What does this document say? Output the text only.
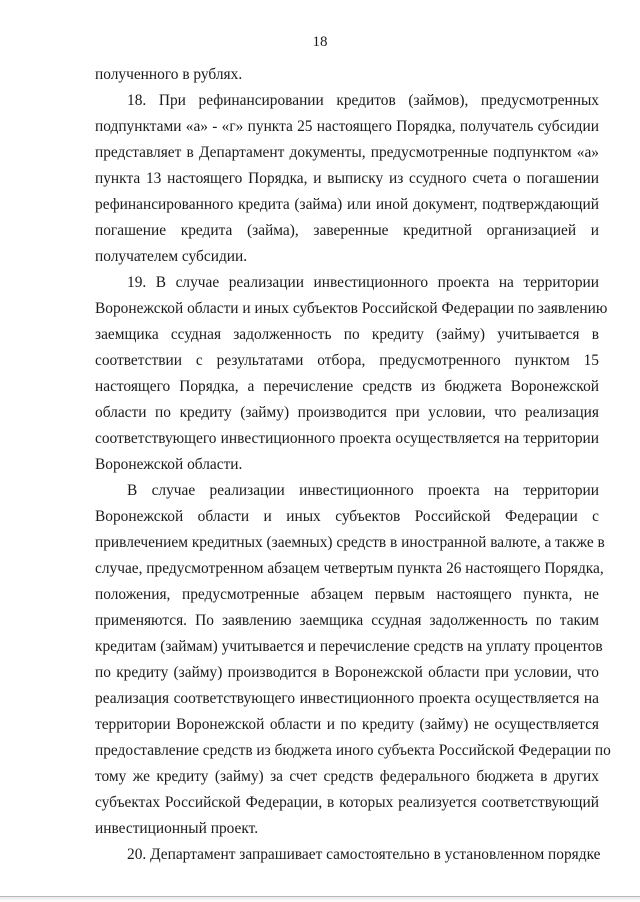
18
полученного в рублях.
18. При рефинансировании кредитов (займов), предусмотренных
подпунктами «а» - «г» пункта 25 настоящего Порядка, получатель субсидии
представляет в Департамент документы, предусмотренные подпунктом «а»
пункта 13 настоящего Порядка, и выписку из ссудного счета о погашении
рефинансированного кредита (займа) или иной документ, подтверждающий
погашение кредита (займа), заверенные кредитной организацией и
получателем субсидии.
19. В случае реализации инвестиционного проекта на территории
Воронежской области и иных субъектов Российской Федерации по заявлению
заемщика ссудная задолженность по кредиту (займу) учитывается в
соответствии с результатами отбора, предусмотренного пунктом 15
настоящего Порядка, а перечисление средств из бюджета Воронежской
области по кредиту (займу) производится при условии, что реализация
соответствующего инвестиционного проекта осуществляется на территории
Воронежской области.
В случае реализации инвестиционного проекта на территории
Воронежской области и иных субъектов Российской Федерации с
привлечением кредитных (заемных) средств в иностранной валюте, а также в
случае, предусмотренном абзацем четвертым пункта 26 настоящего Порядка,
положения, предусмотренные абзацем первым настоящего пункта, не
применяются. По заявлению заемщика ссудная задолженность по таким
кредитам (займам) учитывается и перечисление средств на уплату процентов
по кредиту (займу) производится в Воронежской области при условии, что
реализация соответствующего инвестиционного проекта осуществляется на
территории Воронежской области и по кредиту (займу) не осуществляется
предоставление средств из бюджета иного субъекта Российской Федерации по
тому же кредиту (займу) за счет средств федерального бюджета в других
субъектах Российской Федерации, в которых реализуется соответствующий
инвестиционный проект.
20. Департамент запрашивает самостоятельно в установленном порядке
